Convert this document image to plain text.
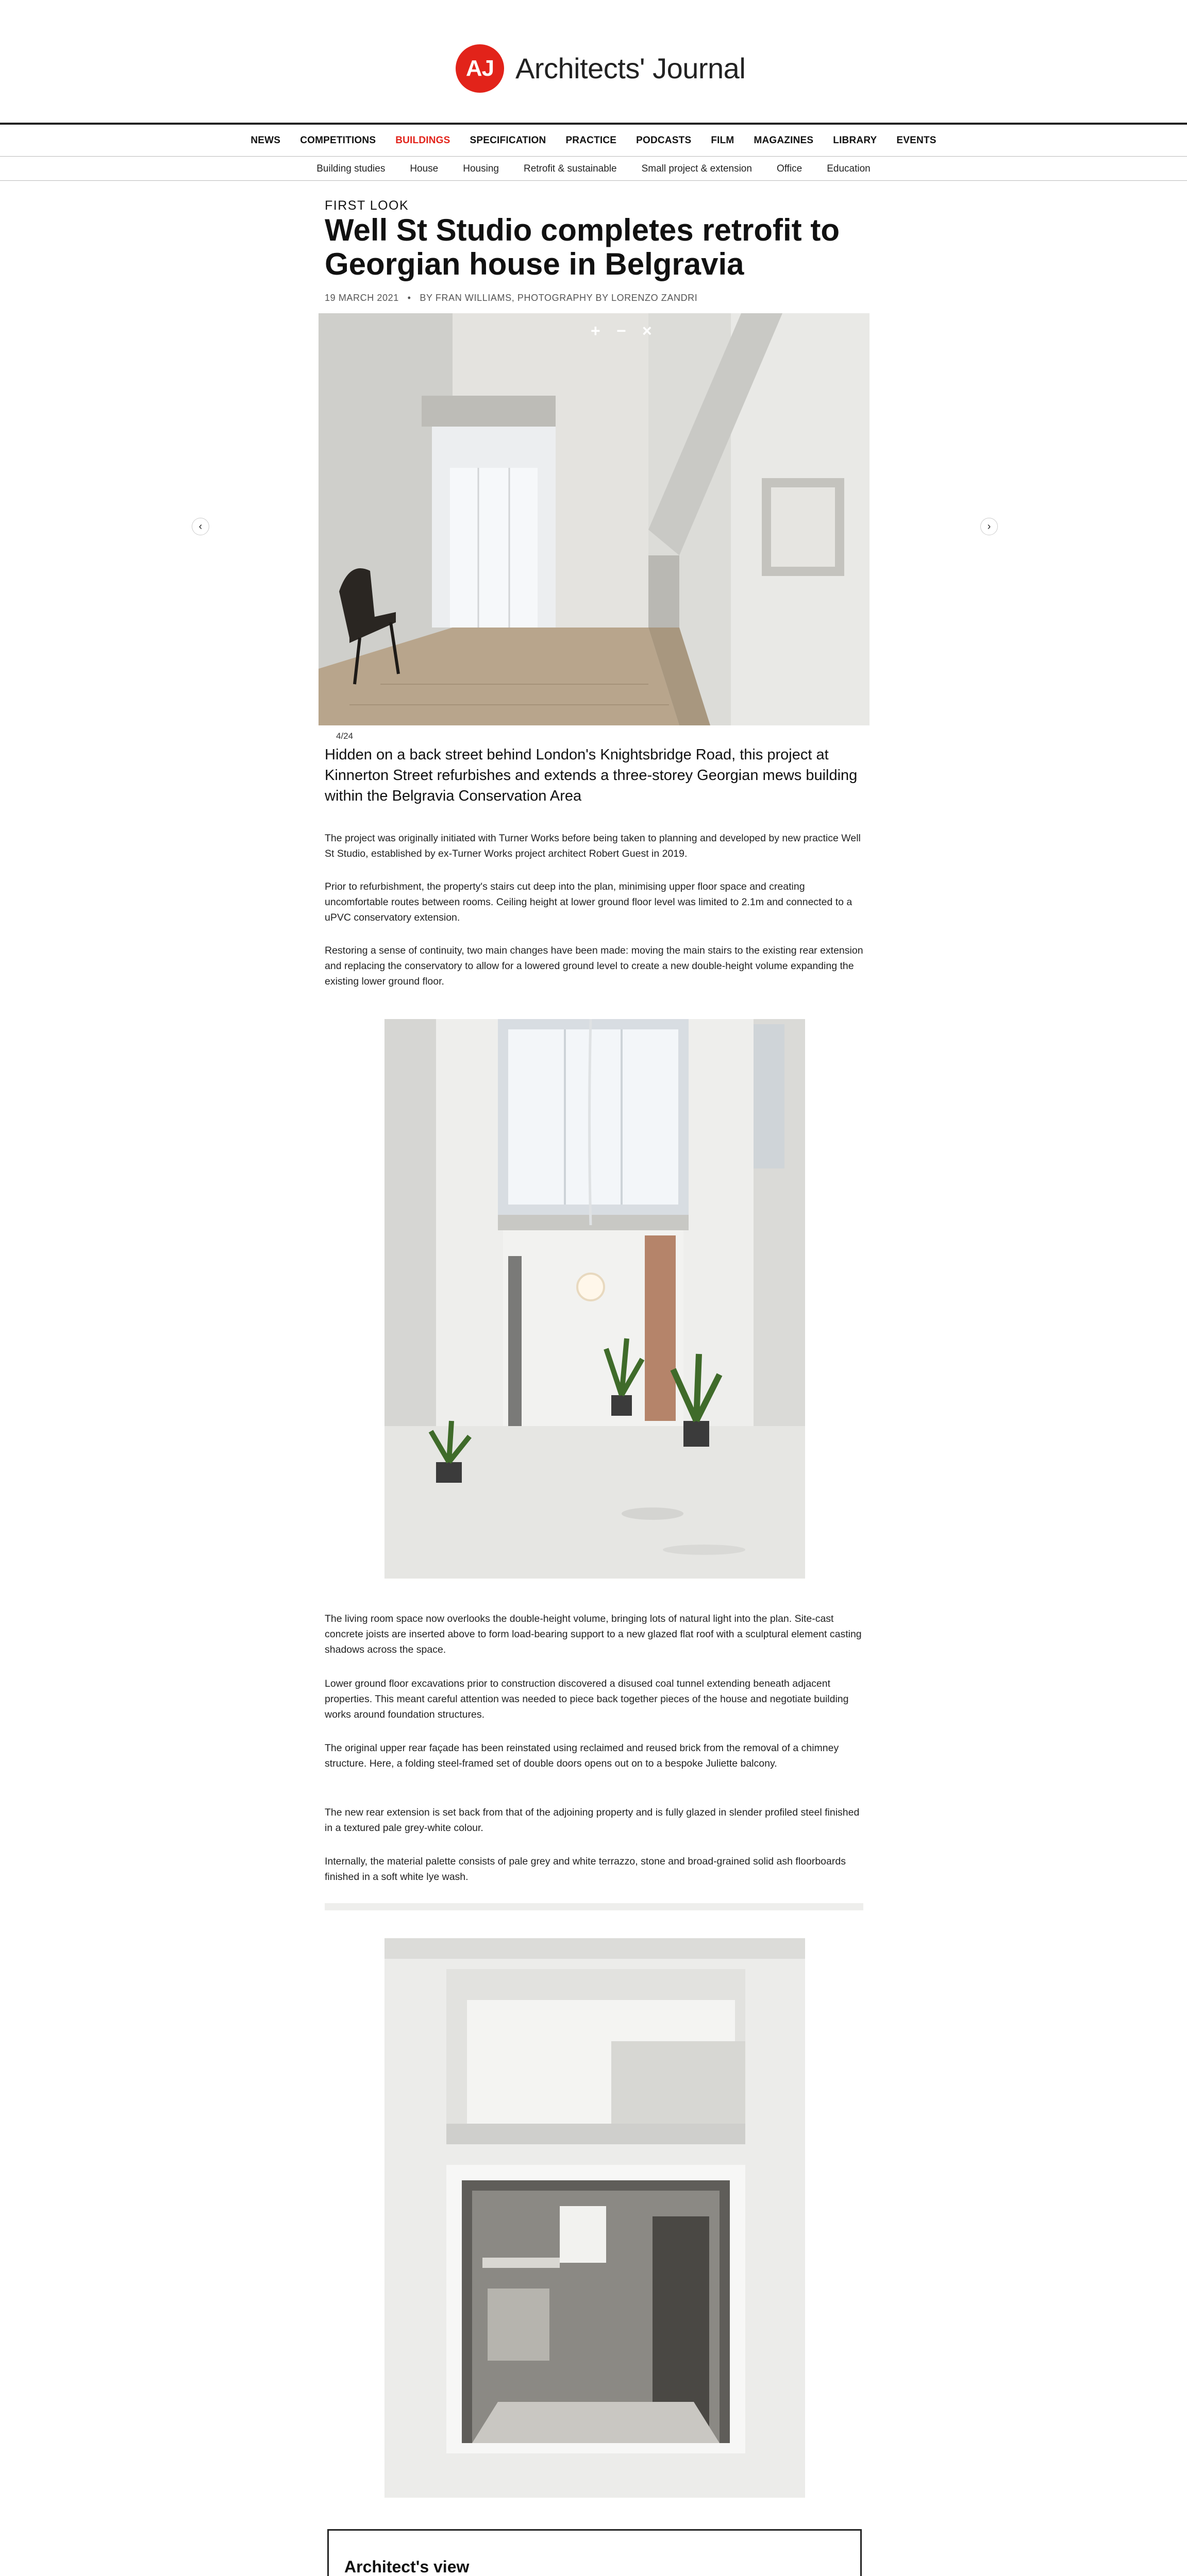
AJ Architects' Journal
NEWS	COMPETITIONS	BUILDINGS	SPECIFICATION	PRACTICE	PODCASTS	FILM	MAGAZINES	LIBRARY	EVENTS
Building studies	House	Housing	Retrofit & sustainable	Small project & extension	Office	Education
FIRST LOOK
Well St Studio completes retrofit to Georgian house in Belgravia
19 MARCH 2021   •   BY FRAN WILLIAMS, PHOTOGRAPHY BY LORENZO ZANDRI
‹	›
+ − ×
4/24

Hidden on a back street behind London's Knightsbridge Road, this project at Kinnerton Street refurbishes and extends a three-storey Georgian mews building within the Belgravia Conservation Area

The project was originally initiated with Turner Works before being taken to planning and developed by new practice Well St Studio, established by ex-Turner Works project architect Robert Guest in 2019.

Prior to refurbishment, the property's stairs cut deep into the plan, minimising upper floor space and creating uncomfortable routes between rooms. Ceiling height at lower ground floor level was limited to 2.1m and connected to a uPVC conservatory extension.

Restoring a sense of continuity, two main changes have been made: moving the main stairs to the existing rear extension and replacing the conservatory to allow for a lowered ground level to create a new double-height volume expanding the existing lower ground floor.

The living room space now overlooks the double-height volume, bringing lots of natural light into the plan. Site-cast concrete joists are inserted above to form load-bearing support to a new glazed flat roof with a sculptural element casting shadows across the space.

Lower ground floor excavations prior to construction discovered a disused coal tunnel extending beneath adjacent properties. This meant careful attention was needed to piece back together pieces of the house and negotiate building works around foundation structures.

The original upper rear façade has been reinstated using reclaimed and reused brick from the removal of a chimney structure. Here, a folding steel-framed set of double doors opens out on to a bespoke Juliette balcony.

The new rear extension is set back from that of the adjoining property and is fully glazed in slender profiled steel finished in a textured pale grey-white colour.

Internally, the material palette consists of pale grey and white terrazzo, stone and broad-grained solid ash floorboards finished in a soft white lye wash.

Architect's view
